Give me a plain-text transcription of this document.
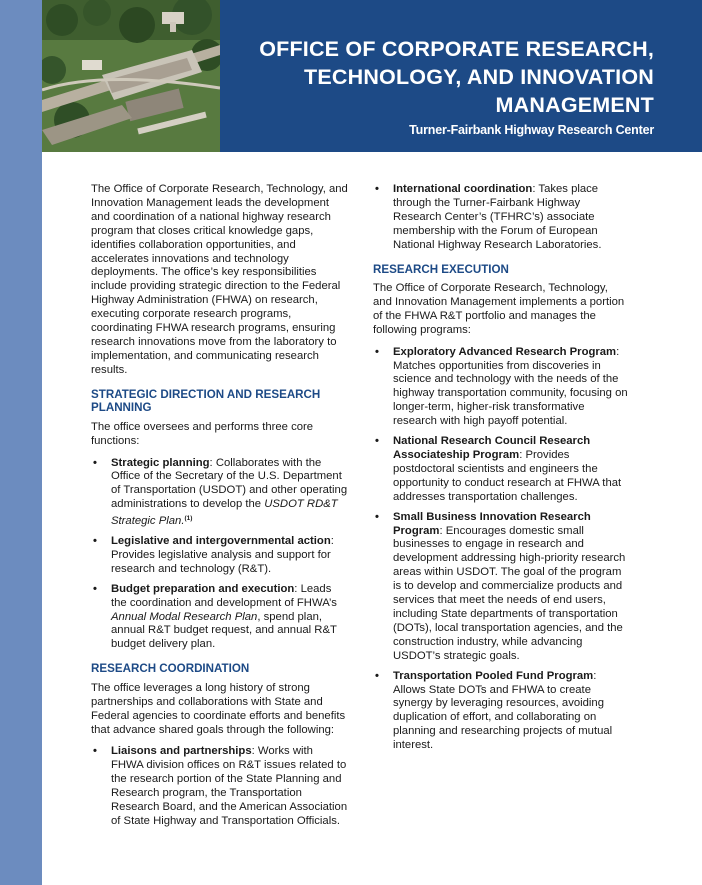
OFFICE OF CORPORATE RESEARCH, TECHNOLOGY, AND INNOVATION MANAGEMENT

Turner-Fairbank Highway Research Center

The Office of Corporate Research, Technology, and Innovation Management leads the development and coordination of a national highway research program that closes critical knowledge gaps, identifies collaboration opportunities, and accelerates innovations and technology deployments. The office’s key responsibilities include providing strategic direction to the Federal Highway Administration (FHWA) on research, executing corporate research programs, coordinating FHWA research programs, ensuring research innovations move from the laboratory to implementation, and communicating research results.

STRATEGIC DIRECTION AND RESEARCH PLANNING

The office oversees and performs three core functions:

• Strategic planning: Collaborates with the Office of the Secretary of the U.S. Department of Transportation (USDOT) and other operating administrations to develop the USDOT RD&T Strategic Plan.$^{(1)}$
• Legislative and intergovernmental action: Provides legislative analysis and support for research and technology (R&T).
• Budget preparation and execution: Leads the coordination and development of FHWA’s Annual Modal Research Plan, spend plan, annual R&T budget request, and annual R&T budget delivery plan.
RESEARCH COORDINATION

The office leverages a long history of strong partnerships and collaborations with State and Federal agencies to coordinate efforts and benefits that advance shared goals through the following:

• Liaisons and partnerships: Works with FHWA division offices on R&T issues related to the research portion of the State Planning and Research program, the Transportation Research Board, and the American Association of State Highway and Transportation Officials.
• International coordination: Takes place through the Turner-Fairbank Highway Research Center’s (TFHRC’s) associate membership with the Forum of European National Highway Research Laboratories.
RESEARCH EXECUTION

The Office of Corporate Research, Technology, and Innovation Management implements a portion of the FHWA R&T portfolio and manages the following programs:

• Exploratory Advanced Research Program: Matches opportunities from discoveries in science and technology with the needs of the highway transportation community, focusing on longer-term, higher-risk transformative research with high payoff potential.
• National Research Council Research Associateship Program: Provides postdoctoral scientists and engineers the opportunity to conduct research at FHWA that addresses transportation challenges.
• Small Business Innovation Research Program: Encourages domestic small businesses to engage in research and development addressing high-priority research areas within USDOT. The goal of the program is to develop and commercialize products and services that meet the needs of end users, including State departments of transportation (DOTs), local transportation agencies, and the construction industry, while advancing USDOT’s strategic goals.
• Transportation Pooled Fund Program: Allows State DOTs and FHWA to create synergy by leveraging resources, avoiding duplication of effort, and collaborating on planning and researching projects of mutual interest.
